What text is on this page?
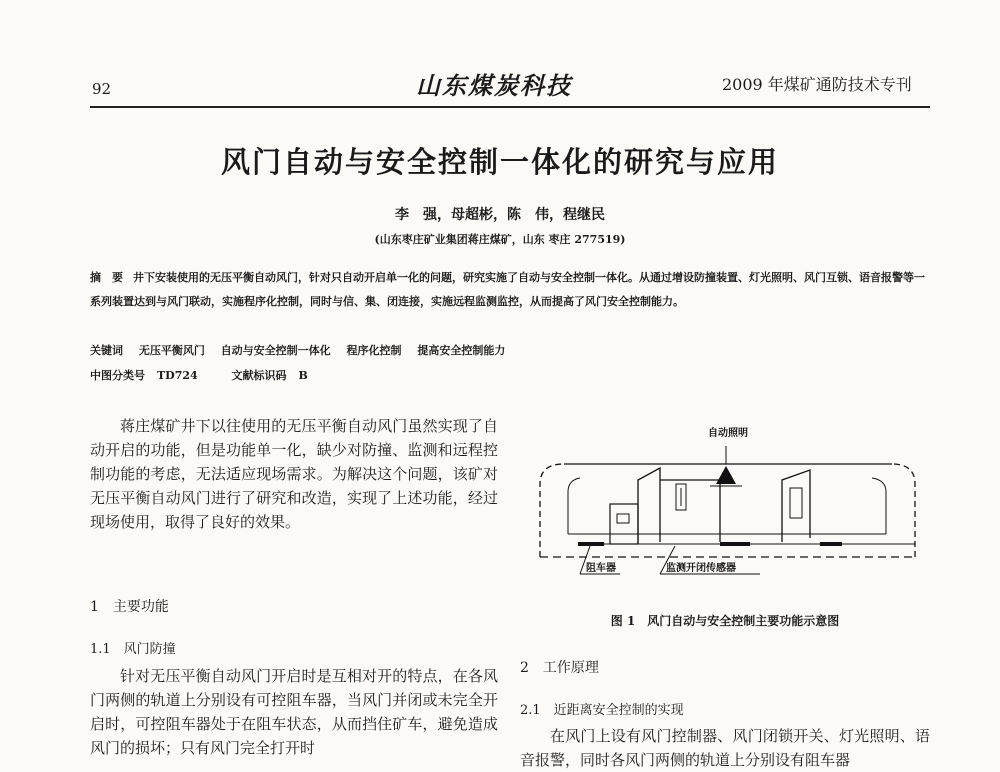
92	山东煤炭科技	2009 年煤矿通防技术专刊
风门自动与安全控制一体化的研究与应用
李　强，母超彬，陈　伟，程继民
(山东枣庄矿业集团蒋庄煤矿，山东 枣庄 277519)
摘　要 井下安装使用的无压平衡自动风门，针对只自动开启单一化的问题，研究实施了自动与安全控制一体化。从通过增设防撞装置、灯光照明、风门互锁、语音报警等一系列装置达到与风门联动，实施程序化控制，同时与信、集、闭连接，实施远程监测监控，从而提高了风门安全控制能力。
关键词 无压平衡风门 自动与安全控制一体化 程序化控制 提高安全控制能力
中图分类号 TD724	文献标识码 B

蒋庄煤矿井下以往使用的无压平衡自动风门虽然实现了自动开启的功能，但是功能单一化，缺少对防撞、监测和远程控制功能的考虑，无法适应现场需求。为解决这个问题，该矿对无压平衡自动风门进行了研究和改造，实现了上述功能，经过现场使用，取得了良好的效果。

1　主要功能
1.1　风门防撞

针对无压平衡自动风门开启时是互相对开的特点，在各风门两侧的轨道上分别设有可控阻车器，当风门并闭或未完全开启时，可控阻车器处于在阻车状态，从而挡住矿车，避免造成风门的损坏；只有风门完全打开时

自动照明
阻车器	监测开闭传感器
图 1　风门自动与安全控制主要功能示意图
2　工作原理
2.1　近距离安全控制的实现

在风门上设有风门控制器、风门闭锁开关、灯光照明、语音报警，同时各风门两侧的轨道上分别设有阻车器
